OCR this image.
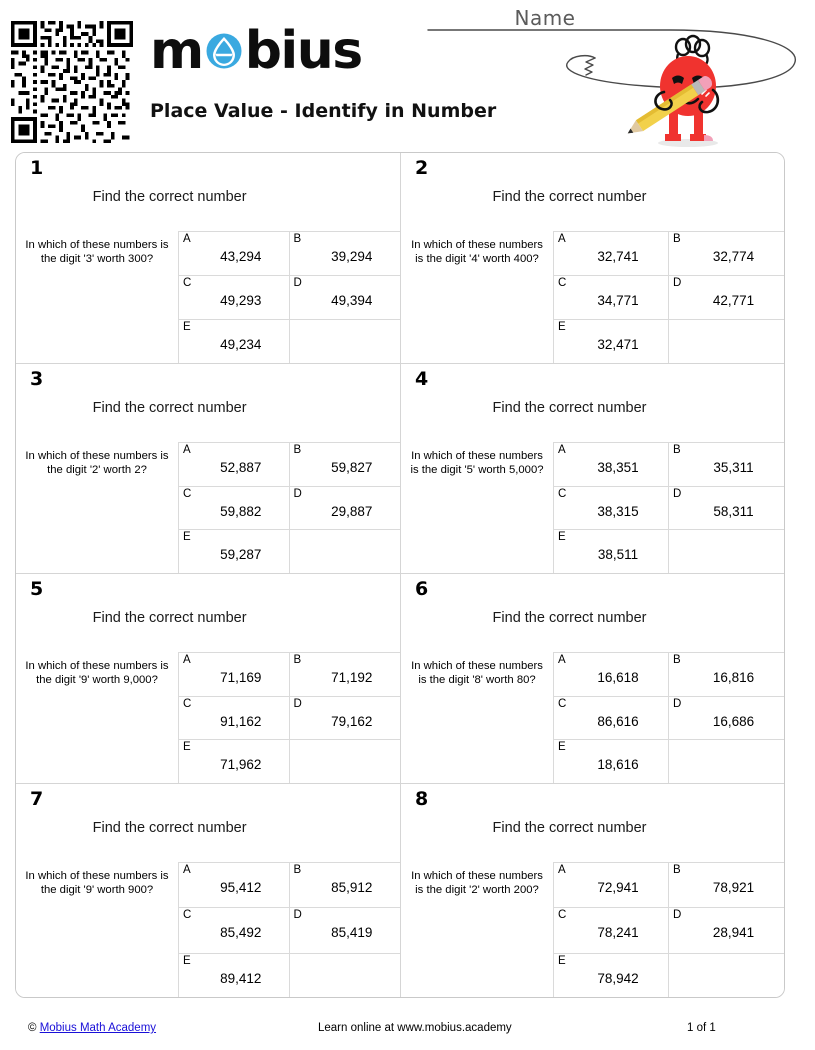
m bius
Place Value - Identify in Number
Name
1
Find the correct number
In which of these numbers is the digit '3' worth 300?
A
43,294
B
39,294
C
49,293
D
49,394
E
49,234
2
Find the correct number
In which of these numbers is the digit '4' worth 400?
A
32,741
B
32,774
C
34,771
D
42,771
E
32,471
3
Find the correct number
In which of these numbers is the digit '2' worth 2?
A
52,887
B
59,827
C
59,882
D
29,887
E
59,287
4
Find the correct number
In which of these numbers is the digit '5' worth 5,000?
A
38,351
B
35,311
C
38,315
D
58,311
E
38,511
5
Find the correct number
In which of these numbers is the digit '9' worth 9,000?
A
71,169
B
71,192
C
91,162
D
79,162
E
71,962
6
Find the correct number
In which of these numbers is the digit '8' worth 80?
A
16,618
B
16,816
C
86,616
D
16,686
E
18,616
7
Find the correct number
In which of these numbers is the digit '9' worth 900?
A
95,412
B
85,912
C
85,492
D
85,419
E
89,412
8
Find the correct number
In which of these numbers is the digit '2' worth 200?
A
72,941
B
78,921
C
78,241
D
28,941
E
78,942
© Mobius Math Academy	Learn online at www.mobius.academy	1 of 1
